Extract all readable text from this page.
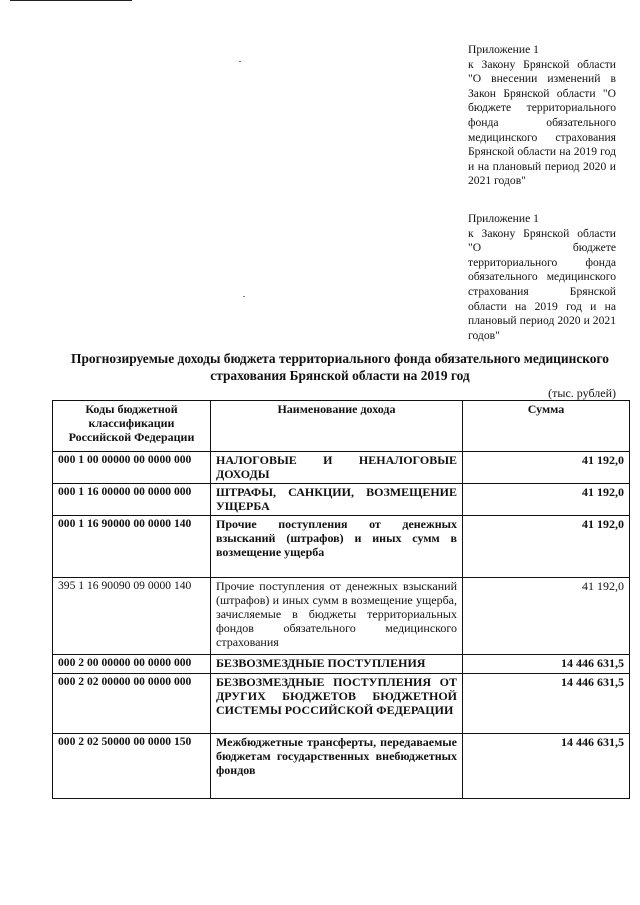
Приложение 1
к Закону Брянской области "О внесении изменений в Закон Брянской области "О бюджете территориального фонда обязательного медицинского страхования Брянской области на 2019 год и на плановый период 2020 и 2021 годов"
Приложение 1
к Закону Брянской области "О бюджете территориального фонда обязательного медицинского страхования Брянской области на 2019 год и на плановый период 2020 и 2021 годов"
Прогнозируемые доходы бюджета территориального фонда обязательного медицинского
страхования Брянской области на 2019 год
(тыс. рублей)
Коды бюджетной классификации Российской Федерации	Наименование дохода	Сумма
000 1 00 00000 00 0000 000	НАЛОГОВЫЕ И НЕНАЛОГОВЫЕ ДОХОДЫ	41 192,0
000 1 16 00000 00 0000 000	ШТРАФЫ, САНКЦИИ, ВОЗМЕЩЕНИЕ УЩЕРБА	41 192,0
000 1 16 90000 00 0000 140	Прочие поступления от денежных взысканий (штрафов) и иных сумм в возмещение ущерба	41 192,0
395 1 16 90090 09 0000 140	Прочие поступления от денежных взысканий (штрафов) и иных сумм в возмещение ущерба, зачисляемые в бюджеты территориальных фондов обязательного медицинского страхования	41 192,0
000 2 00 00000 00 0000 000	БЕЗВОЗМЕЗДНЫЕ ПОСТУПЛЕНИЯ	14 446 631,5
000 2 02 00000 00 0000 000	БЕЗВОЗМЕЗДНЫЕ ПОСТУПЛЕНИЯ ОТ ДРУГИХ БЮДЖЕТОВ БЮДЖЕТНОЙ СИСТЕМЫ РОССИЙСКОЙ ФЕДЕРАЦИИ	14 446 631,5
000 2 02 50000 00 0000 150	Межбюджетные трансферты, передаваемые бюджетам государственных внебюджетных фондов	14 446 631,5
